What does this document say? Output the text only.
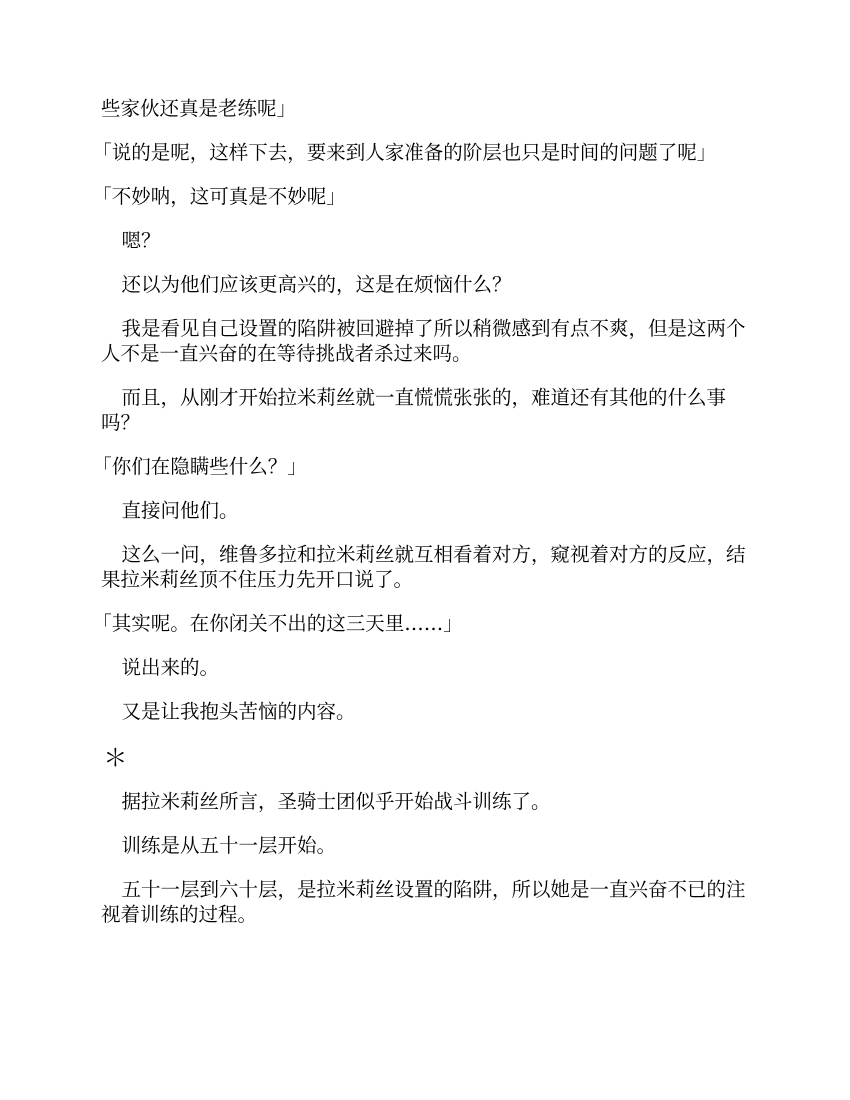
些家伙还真是老练呢」

「说的是呢，这样下去，要来到人家准备的阶层也只是时间的问题了呢」

「不妙呐，这可真是不妙呢」

嗯？

还以为他们应该更高兴的，这是在烦恼什么？

我是看见自己设置的陷阱被回避掉了所以稍微感到有点不爽，但是这两个人不是一直兴奋的在等待挑战者杀过来吗。

而且，从刚才开始拉米莉丝就一直慌慌张张的，难道还有其他的什么事吗？

「你们在隐瞒些什么？」

直接问他们。

这么一问，维鲁多拉和拉米莉丝就互相看着对方，窥视着对方的反应，结果拉米莉丝顶不住压力先开口说了。

「其实呢。在你闭关不出的这三天里……」

说出来的。

又是让我抱头苦恼的内容。

＊

据拉米莉丝所言，圣骑士团似乎开始战斗训练了。

训练是从五十一层开始。

五十一层到六十层，是拉米莉丝设置的陷阱，所以她是一直兴奋不已的注视着训练的过程。
